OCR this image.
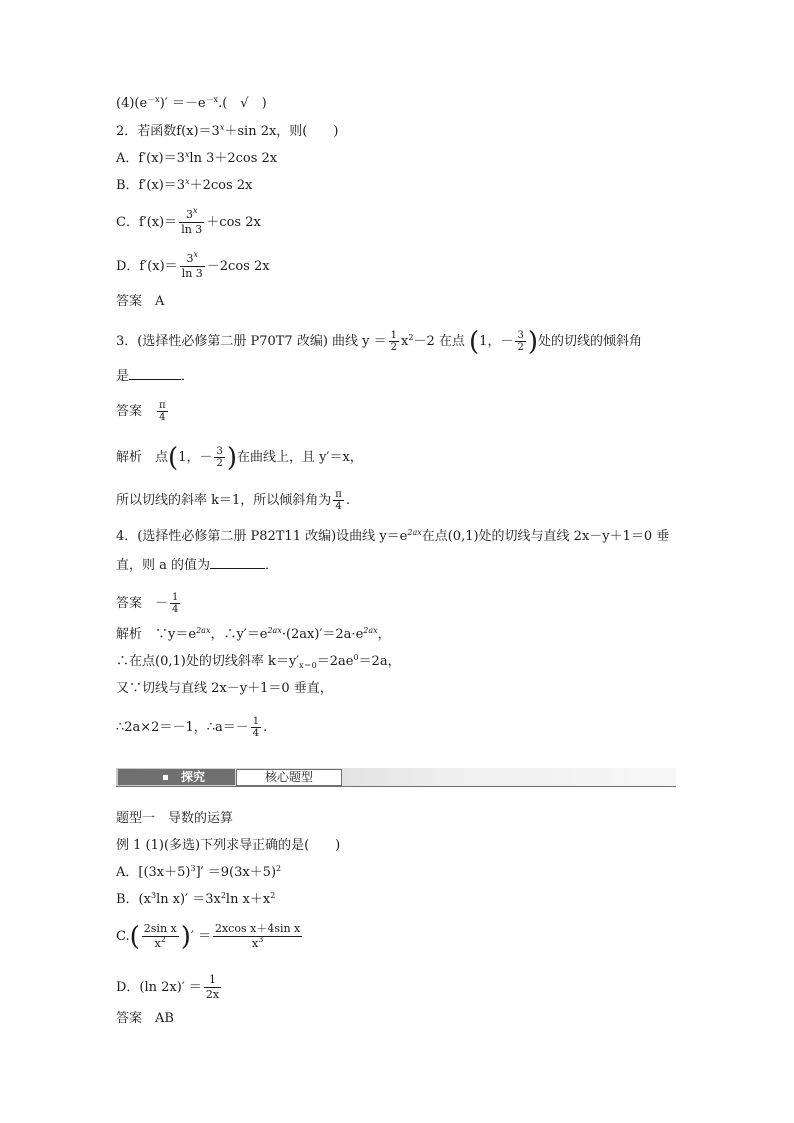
$(4)(e^{-x})' =-e^{-x}$.(　√　)
2．若函数$f(x)=3^x+\sin$ 2x，则(　　)
A．$f'(x)=3^x\ln$ 3＋2cos 2x
B．$f'(x)=3^x+2\cos$ 2x
C．$f'(x)= \frac{3^x}{\ln 3} +\cos$ 2x
D．$f'(x)= \frac{3^x}{\ln 3} -2\cos$ 2x
答案　 A
3．(选择性必修第二册 P70T7 改编) 曲线 $y = \frac{1}{2} x^2-2$ 在点 (1，－ $\frac{3}{2}$ )处的切线的倾斜角
是	．
答案　 $\frac{\pi}{4}$
解析　 点(1，－ $\frac{3}{2}$ )在曲线上，且 y′＝x，
所以切线的斜率 k＝1，所以倾斜角为 $\frac{\pi}{4}$ .
4．(选择性必修第二册 P82T11 改编)设曲线 $y=e^{2ax}$在点(0,1)处的切线与直线 2x－y＋1＝0 垂
直，则 a 的值为	．
答案　 － $\frac{1}{4}$
解析　 $\because y=e^{2ax}$，$\therefore y'=e^{2ax}\cdot(2ax)'=2a\cdot e^{2ax}$，
∴在点(0,1)处的切线斜率 $k=y'_{x=0}=2ae^0=2a$，
又∵切线与直线 2x－y＋1＝0 垂直，
∴2a×2＝－1，∴a＝－ $\frac{1}{4}$ .
探究	核心题型
题型一　导数的运算
例 1 (1)(多选)下列求导正确的是(　　)
A．$[(3x+5)^3]' =9(3x+5)^2$
B．($x^3\ln$ $x)' =3x^2\ln$ $x+x^2$
$C.( \frac{\text{2sin x}}{x^2}$ )′ ＝ $\frac{\text{2xcos x＋4sin x}}{x^3}$
D．(ln $2x)' = \frac{1}{2x}$
答案　 AB
